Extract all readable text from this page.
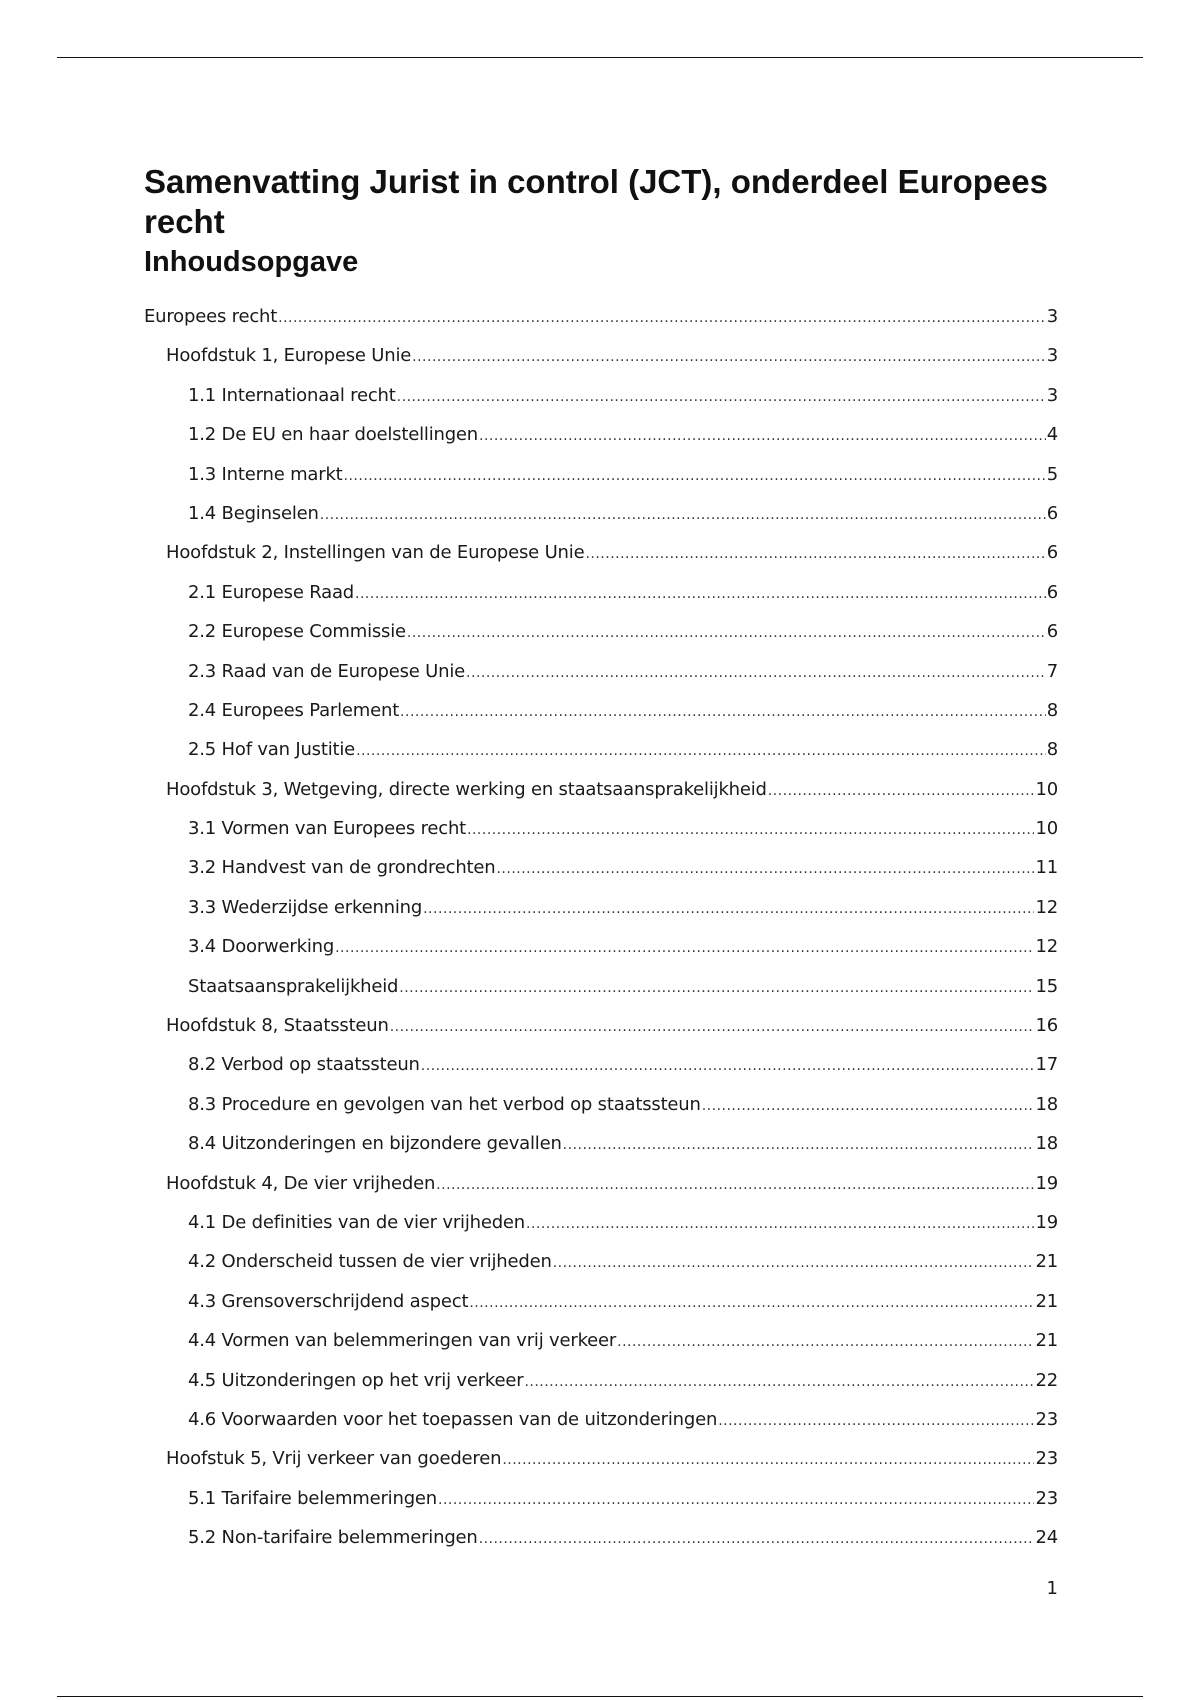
Samenvatting Jurist in control (JCT), onderdeel Europees recht
Inhoudsopgave
Europees recht .....	3
Hoofdstuk 1, Europese Unie .....	3
1.1 Internationaal recht .....	3
1.2 De EU en haar doelstellingen .....	4
1.3 Interne markt .....	5
1.4 Beginselen .....	6
Hoofdstuk 2, Instellingen van de Europese Unie .....	6
2.1 Europese Raad .....	6
2.2 Europese Commissie .....	6
2.3 Raad van de Europese Unie .....	7
2.4 Europees Parlement .....	8
2.5 Hof van Justitie .....	8
Hoofdstuk 3, Wetgeving, directe werking en staatsaansprakelijkheid .....	10
3.1 Vormen van Europees recht .....	10
3.2 Handvest van de grondrechten .....	11
3.3 Wederzijdse erkenning .....	12
3.4 Doorwerking .....	12
Staatsaansprakelijkheid .....	15
Hoofdstuk 8, Staatssteun .....	16
8.2 Verbod op staatssteun .....	17
8.3 Procedure en gevolgen van het verbod op staatssteun .....	18
8.4 Uitzonderingen en bijzondere gevallen .....	18
Hoofdstuk 4, De vier vrijheden .....	19
4.1 De definities van de vier vrijheden .....	19
4.2 Onderscheid tussen de vier vrijheden .....	21
4.3 Grensoverschrijdend aspect .....	21
4.4 Vormen van belemmeringen van vrij verkeer .....	21
4.5 Uitzonderingen op het vrij verkeer .....	22
4.6 Voorwaarden voor het toepassen van de uitzonderingen .....	23
Hoofstuk 5, Vrij verkeer van goederen .....	23
5.1 Tarifaire belemmeringen .....	23
5.2 Non-tarifaire belemmeringen .....	24
1
